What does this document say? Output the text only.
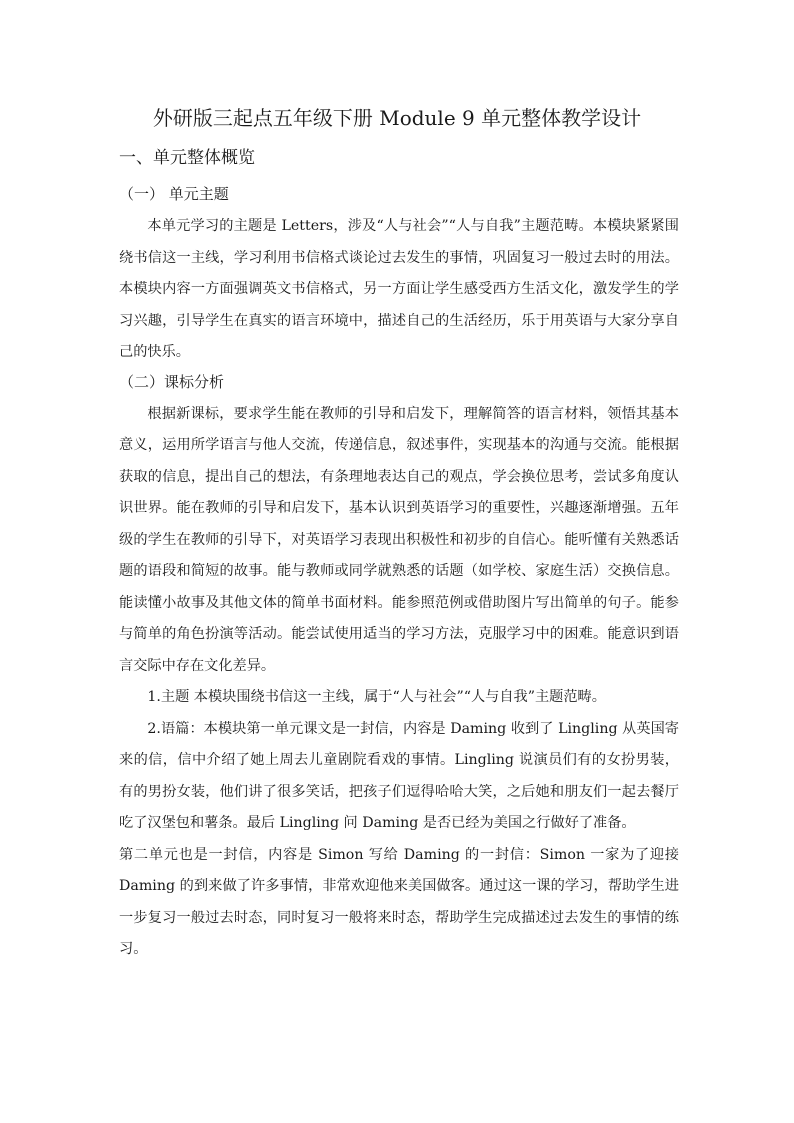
外研版三起点五年级下册 Module 9 单元整体教学设计
一、单元整体概览
（一） 单元主题

本单元学习的主题是 Letters，涉及“人与社会”“人与自我”主题范畴。本模块紧紧围绕书信这一主线，学习利用书信格式谈论过去发生的事情，巩固复习一般过去时的用法。本模块内容一方面强调英文书信格式，另一方面让学生感受西方生活文化，激发学生的学习兴趣，引导学生在真实的语言环境中，描述自己的生活经历，乐于用英语与大家分享自己的快乐。

（二）课标分析

根据新课标，要求学生能在教师的引导和启发下，理解简答的语言材料，领悟其基本意义，运用所学语言与他人交流，传递信息，叙述事件，实现基本的沟通与交流。能根据获取的信息，提出自己的想法，有条理地表达自己的观点，学会换位思考，尝试多角度认识世界。能在教师的引导和启发下，基本认识到英语学习的重要性，兴趣逐渐增强。五年级的学生在教师的引导下，对英语学习表现出积极性和初步的自信心。能听懂有关熟悉话题的语段和简短的故事。能与教师或同学就熟悉的话题（如学校、家庭生活）交换信息。能读懂小故事及其他文体的简单书面材料。能参照范例或借助图片写出简单的句子。能参与简单的角色扮演等活动。能尝试使用适当的学习方法，克服学习中的困难。能意识到语言交际中存在文化差异。

1.主题 本模块围绕书信这一主线，属于“人与社会”“人与自我”主题范畴。

2.语篇：本模块第一单元课文是一封信，内容是 Daming 收到了 Lingling 从英国寄来的信，信中介绍了她上周去儿童剧院看戏的事情。Lingling 说演员们有的女扮男装，有的男扮女装，他们讲了很多笑话，把孩子们逗得哈哈大笑，之后她和朋友们一起去餐厅吃了汉堡包和薯条。最后 Lingling 问 Daming 是否已经为美国之行做好了准备。

第二单元也是一封信，内容是 Simon 写给 Daming 的一封信：Simon 一家为了迎接 Daming 的到来做了许多事情，非常欢迎他来美国做客。通过这一课的学习，帮助学生进一步复习一般过去时态，同时复习一般将来时态，帮助学生完成描述过去发生的事情的练习。
